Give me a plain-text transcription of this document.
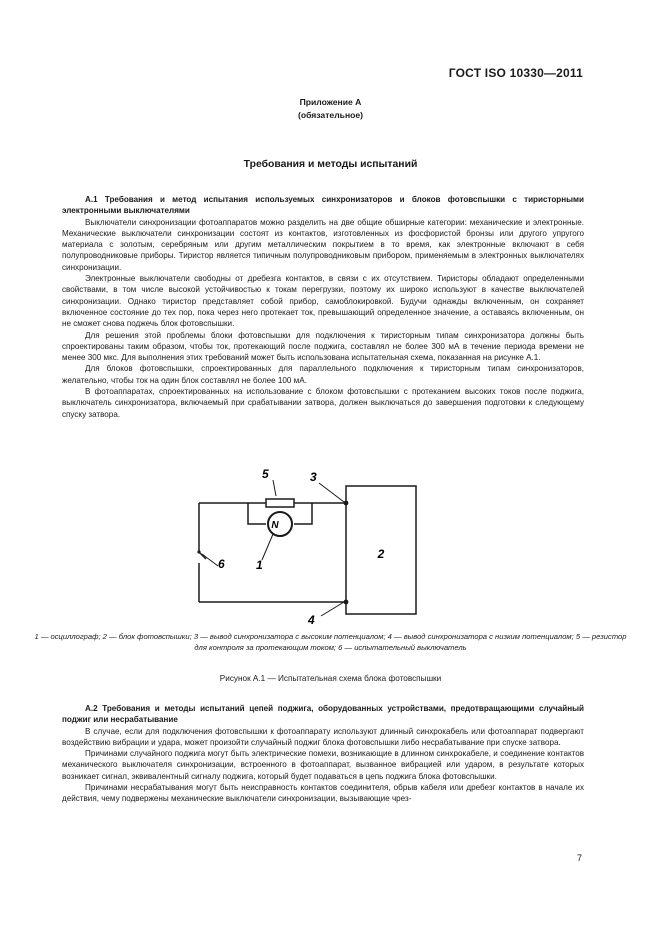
ГОСТ ISO 10330—2011
Приложение А
(обязательное)
Требования и методы испытаний

А.1 Требования и метод испытания используемых синхронизаторов и блоков фотовспышки с тиристорными электронными выключателями

Выключатели синхронизации фотоаппаратов можно разделить на две общие обширные категории: механические и электронные. Механические выключатели синхронизации состоят из контактов, изготовленных из фосфористой бронзы или другого упругого материала с золотым, серебряным или другим металлическим покрытием в то время, как электронные включают в себя полупроводниковые приборы. Тиристор является типичным полупроводниковым прибором, применяемым в электронных выключателях синхронизации.

Электронные выключатели свободны от дребезга контактов, в связи с их отсутствием. Тиристоры обладают определенными свойствами, в том числе высокой устойчивостью к токам перегрузки, поэтому их широко используют в качестве выключателей синхронизации. Однако тиристор представляет собой прибор, самоблокировкой. Будучи однажды включенным, он сохраняет включенное состояние до тех пор, пока через него протекает ток, превышающий определенное значение, а оставаясь включенным, он не сможет снова поджечь блок фотовспышки.

Для решения этой проблемы блоки фотовспышки для подключения к тиристорным типам синхронизатора должны быть спроектированы таким образом, чтобы ток, протекающий после поджига, составлял не более 300 мА в течение периода времени не менее 300 мкс. Для выполнения этих требований может быть использована испытательная схема, показанная на рисунке А.1.

Для блоков фотовспышки, спроектированных для параллельного подключения к тиристорным типам синхронизаторов, желательно, чтобы ток на один блок составлял не более 100 мА.

В фотоаппаратах, спроектированных на использование с блоком фотовспышки с протеканием высоких токов после поджига, выключатель синхронизатора, включаемый при срабатывании затвора, должен выключаться до завершения подготовки к следующему спуску затвора.

N
5
1
3
4
6
2
1 — осциллограф; 2 — блок фотовспышки; 3 — вывод синхронизатора с высоким потенциалом; 4 — вывод синхронизатора с низким потенциалом; 5 — резистор для контроля за протекающим током; 6 — испытательный выключатель
Рисунок А.1 — Испытательная схема блока фотовспышки

А.2 Требования и методы испытаний цепей поджига, оборудованных устройствами, предотвращающими случайный поджиг или несрабатывание

В случае, если для подключения фотовспышки к фотоаппарату используют длинный синхрокабель или фотоаппарат подвергают воздействию вибрации и удара, может произойти случайный поджиг блока фотовспышки либо несрабатывание при спуске затвора.

Причинами случайного поджига могут быть электрические помехи, возникающие в длинном синхрокабеле, и соединение контактов механического выключателя синхронизации, встроенного в фотоаппарат, вызванное вибрацией или ударом, в результате которых возникает сигнал, эквивалентный сигналу поджига, который будет подаваться в цепь поджига блока фотовспышки.

Причинами несрабатывания могут быть неисправность контактов соединителя, обрыв кабеля или дребезг контактов в начале их действия, чему подвержены механические выключатели синхронизации, вызывающие чрез-

7
